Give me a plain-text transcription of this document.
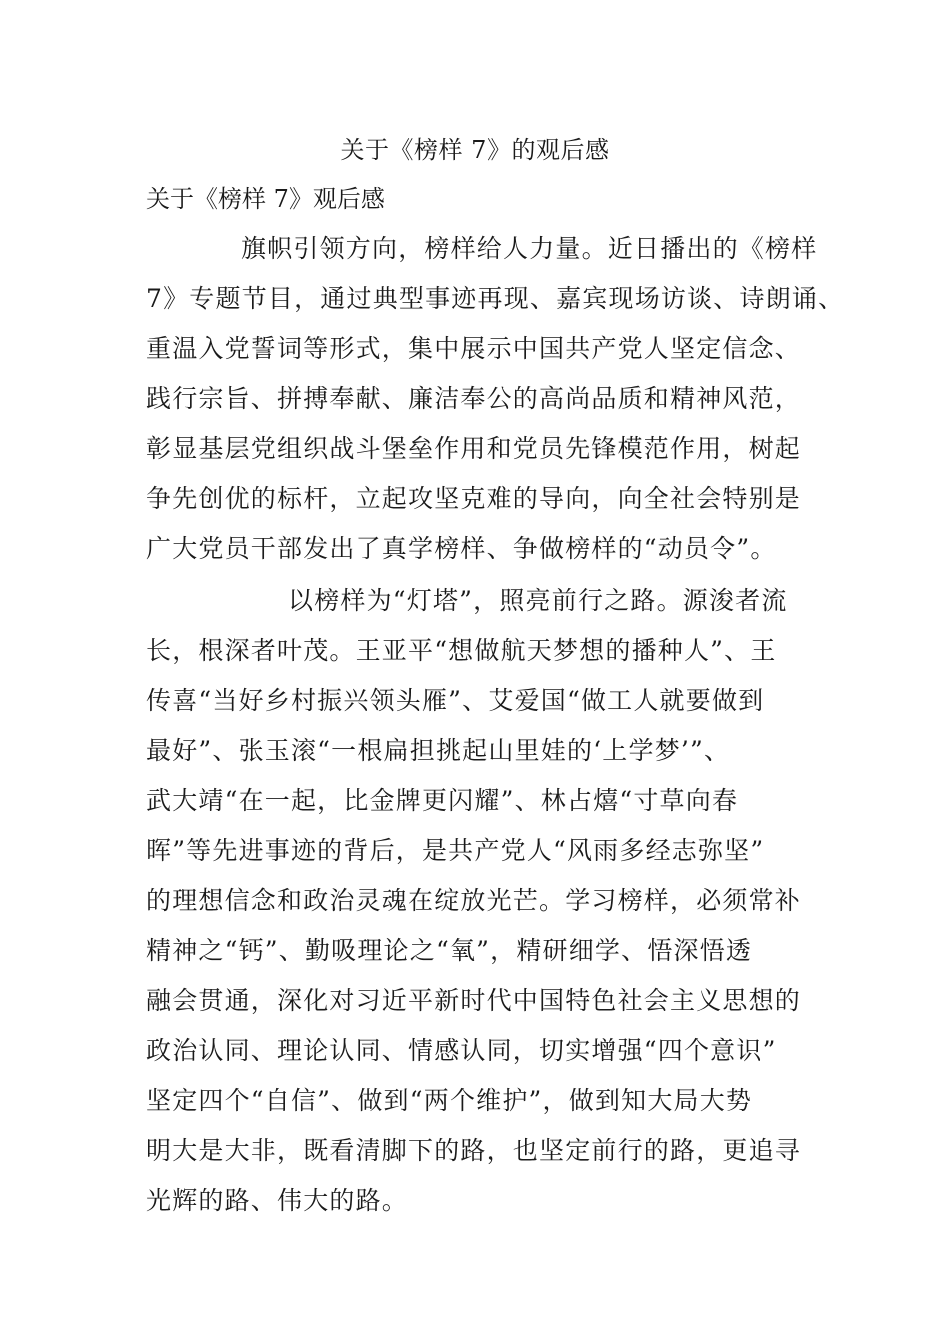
关于《榜样 7》的观后感

关于《榜样 7》观后感

旗帜引领方向，榜样给人力量。近日播出的《榜样
7》专题节目，通过典型事迹再现、嘉宾现场访谈、诗朗诵、
重温入党誓词等形式，集中展示中国共产党人坚定信念、
践行宗旨、拼搏奉献、廉洁奉公的高尚品质和精神风范，
彰显基层党组织战斗堡垒作用和党员先锋模范作用，树起
争先创优的标杆，立起攻坚克难的导向，向全社会特别是
广大党员干部发出了真学榜样、争做榜样的“动员令”。
以榜样为“灯塔”，照亮前行之路。源浚者流
长，根深者叶茂。王亚平“想做航天梦想的播种人”、王
传喜“当好乡村振兴领头雁”、艾爱国“做工人就要做到
最好”、张玉滚“一根扁担挑起山里娃的‘上学梦’”、
武大靖“在一起，比金牌更闪耀”、林占熺“寸草向春
晖”等先进事迹的背后，是共产党人“风雨多经志弥坚”
的理想信念和政治灵魂在绽放光芒。学习榜样，必须常补
精神之“钙”、勤吸理论之“氧”，精研细学、悟深悟透
融会贯通，深化对习近平新时代中国特色社会主义思想的
政治认同、理论认同、情感认同，切实增强“四个意识”
坚定四个“自信”、做到“两个维护”，做到知大局大势
明大是大非，既看清脚下的路，也坚定前行的路，更追寻
光辉的路、伟大的路。
